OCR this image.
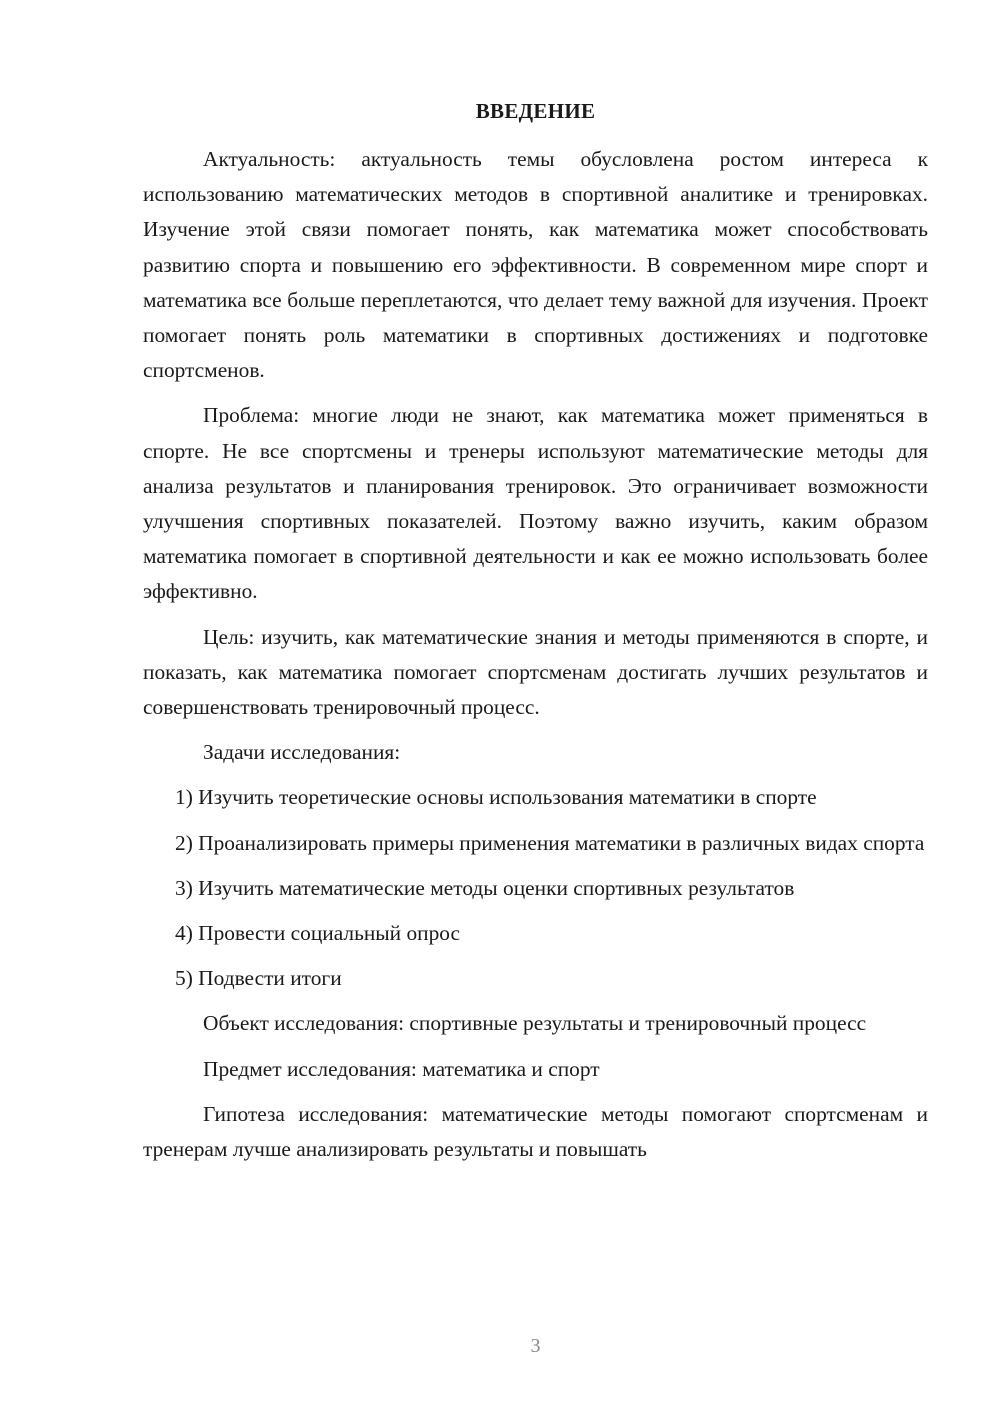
ВВЕДЕНИЕ

Актуальность: актуальность темы обусловлена ростом интереса к использованию математических методов в спортивной аналитике и тренировках. Изучение этой связи помогает понять, как математика может способствовать развитию спорта и повышению его эффективности. В современном мире спорт и математика все больше переплетаются, что делает тему важной для изучения. Проект помогает понять роль математики в спортивных достижениях и подготовке спортсменов.

Проблема: многие люди не знают, как математика может применяться в спорте. Не все спортсмены и тренеры используют математические методы для анализа результатов и планирования тренировок. Это ограничивает возможности улучшения спортивных показателей. Поэтому важно изучить, каким образом математика помогает в спортивной деятельности и как ее можно использовать более эффективно.

Цель: изучить, как математические знания и методы применяются в спорте, и показать, как математика помогает спортсменам достигать лучших результатов и совершенствовать тренировочный процесс.

Задачи исследования:

1) Изучить теоретические основы использования математики в спорте

2) Проанализировать примеры применения математики в различных видах спорта

3) Изучить математические методы оценки спортивных результатов

4) Провести социальный опрос

5) Подвести итоги

Объект исследования: спортивные результаты и тренировочный процесс

Предмет исследования: математика и спорт

Гипотеза исследования: математические методы помогают спортсменам и тренерам лучше анализировать результаты и повышать

3
